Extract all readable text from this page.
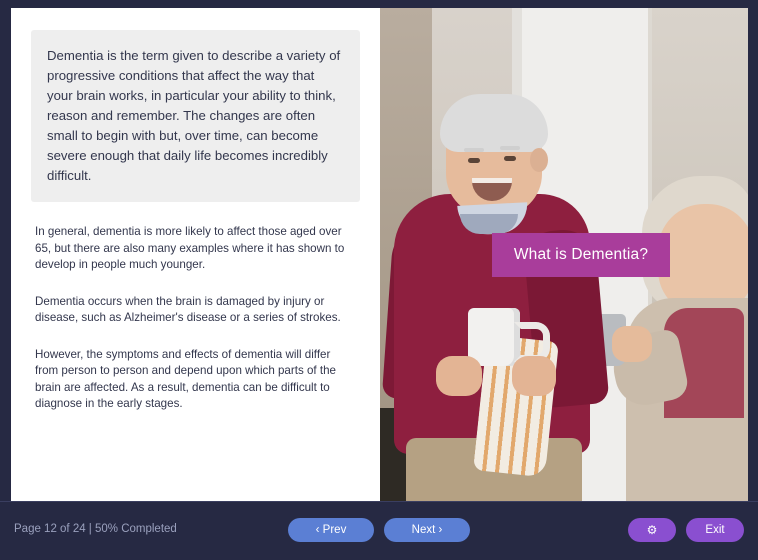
Dementia is the term given to describe a variety of progressive conditions that affect the way that your brain works, in particular your ability to think, reason and remember. The changes are often small to begin with but, over time, can become severe enough that daily life becomes incredibly difficult.

In general, dementia is more likely to affect those aged over 65, but there are also many examples where it has shown to develop in people much younger.

Dementia occurs when the brain is damaged by injury or disease, such as Alzheimer's disease or a series of strokes.

However, the symptoms and effects of dementia will differ from person to person and depend upon which parts of the brain are affected. As a result, dementia can be difficult to diagnose in the early stages.

What is Dementia?
Page 12 of 24 | 50% Completed	‹ Prev	Next ›	⚙	Exit
